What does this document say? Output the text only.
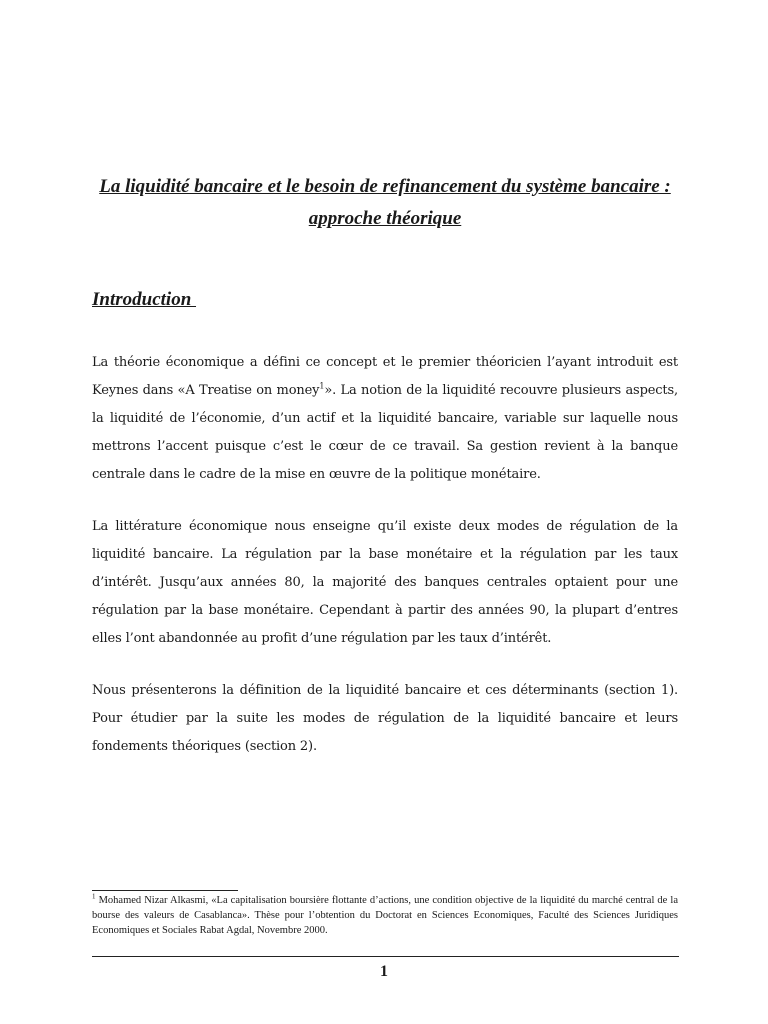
La liquidité bancaire et le besoin de refinancement du système bancaire : approche théorique
Introduction

La théorie économique a défini ce concept et le premier théoricien l’ayant introduit est Keynes dans «A Treatise on money$^1$». La notion de la liquidité recouvre plusieurs aspects, la liquidité de l’économie, d’un actif et la liquidité bancaire, variable sur laquelle nous mettrons l’accent puisque c’est le cœur de ce travail. Sa gestion revient à la banque centrale dans le cadre de la mise en œuvre de la politique monétaire.

La littérature économique nous enseigne qu’il existe deux modes de régulation de la liquidité bancaire. La régulation par la base monétaire et la régulation par les taux d’intérêt. Jusqu’aux années 80, la majorité des banques centrales optaient pour une régulation par la base monétaire. Cependant à partir des années 90, la plupart d’entres elles l’ont abandonnée au profit d’une régulation par les taux d’intérêt.

Nous présenterons la définition de la liquidité bancaire et ces déterminants (section 1). Pour étudier par la suite les modes de régulation de la liquidité bancaire et leurs fondements théoriques (section 2).

$^1$ Mohamed Nizar Alkasmi, «La capitalisation boursière flottante d’actions, une condition objective de la liquidité du marché central de la bourse des valeurs de Casablanca». Thèse pour l’obtention du Doctorat en Sciences Economiques, Faculté des Sciences Juridiques Economiques et Sociales Rabat Agdal, Novembre 2000.

1
